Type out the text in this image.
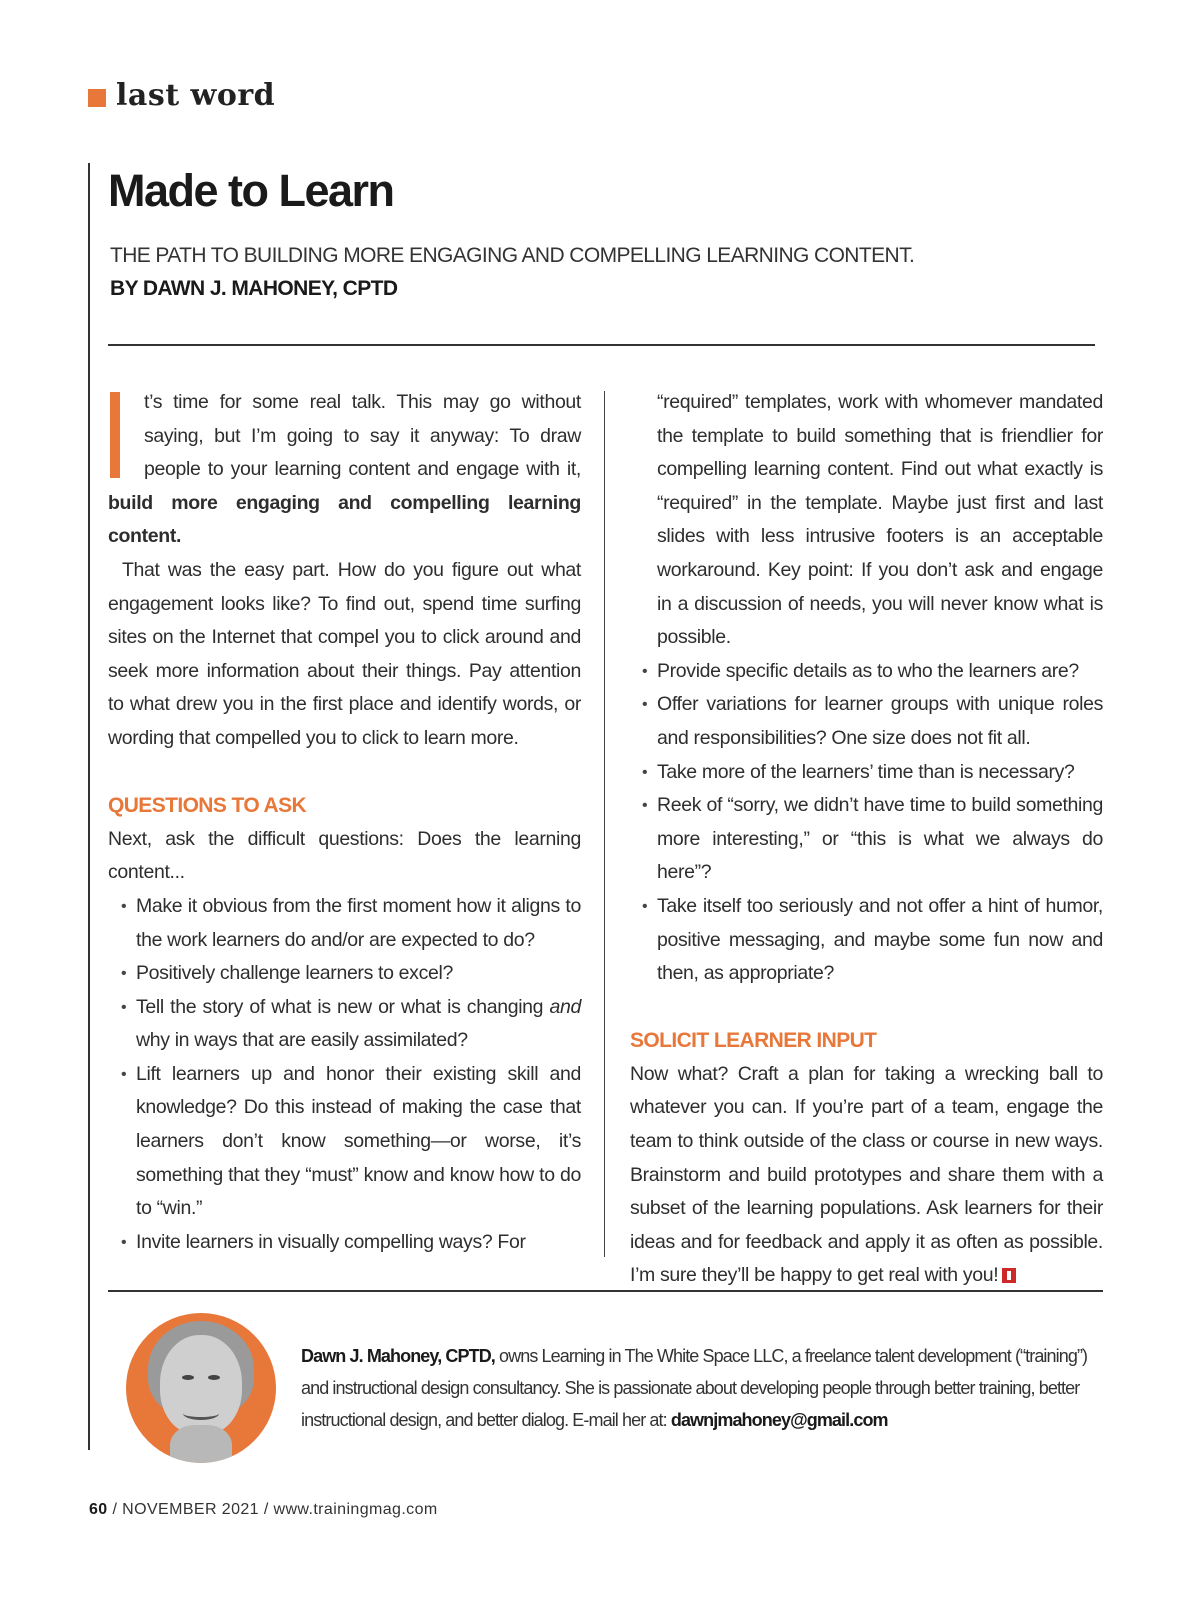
last word
Made to Learn
THE PATH TO BUILDING MORE ENGAGING AND COMPELLING LEARNING CONTENT.
BY DAWN J. MAHONEY, CPTD

t’s time for some real talk. This may go without saying, but I’m going to say it anyway: To draw people to your learning content and engage with it, build more engaging and compelling learning content.

That was the easy part. How do you figure out what engagement looks like? To find out, spend time surfing sites on the Internet that compel you to click around and seek more information about their things. Pay attention to what drew you in the first place and identify words, or wording that compelled you to click to learn more.

QUESTIONS TO ASK

Next, ask the difficult questions: Does the learning content...

• Make it obvious from the first moment how it aligns to the work learners do and/or are expected to do?
• Positively challenge learners to excel?
• Tell the story of what is new or what is changing and why in ways that are easily assimilated?
• Lift learners up and honor their existing skill and knowledge? Do this instead of making the case that learners don’t know something—or worse, it’s something that they “must” know and know how to do to “win.”
• Invite learners in visually compelling ways? For

“required” templates, work with whomever mandated the template to build something that is friendlier for compelling learning content. Find out what exactly is “required” in the template. Maybe just first and last slides with less intrusive footers is an acceptable workaround. Key point: If you don’t ask and engage in a discussion of needs, you will never know what is possible.

• Provide specific details as to who the learners are?
• Offer variations for learner groups with unique roles and responsibilities? One size does not fit all.
• Take more of the learners’ time than is necessary?
• Reek of “sorry, we didn’t have time to build something more interesting,” or “this is what we always do here”?
• Take itself too seriously and not offer a hint of humor, positive messaging, and maybe some fun now and then, as appropriate?
SOLICIT LEARNER INPUT

Now what? Craft a plan for taking a wrecking ball to whatever you can. If you’re part of a team, engage the team to think outside of the class or course in new ways. Brainstorm and build prototypes and share them with a subset of the learning populations. Ask learners for their ideas and for feedback and apply it as often as possible. I’m sure they’ll be happy to get real with you!

Dawn J. Mahoney, CPTD, owns Learning in The White Space LLC, a freelance talent development (“training”) and instructional design consultancy. She is passionate about developing people through better training, better instructional design, and better dialog. E-mail her at: dawnjmahoney@gmail.com
60 / NOVEMBER 2021 / www.trainingmag.com
